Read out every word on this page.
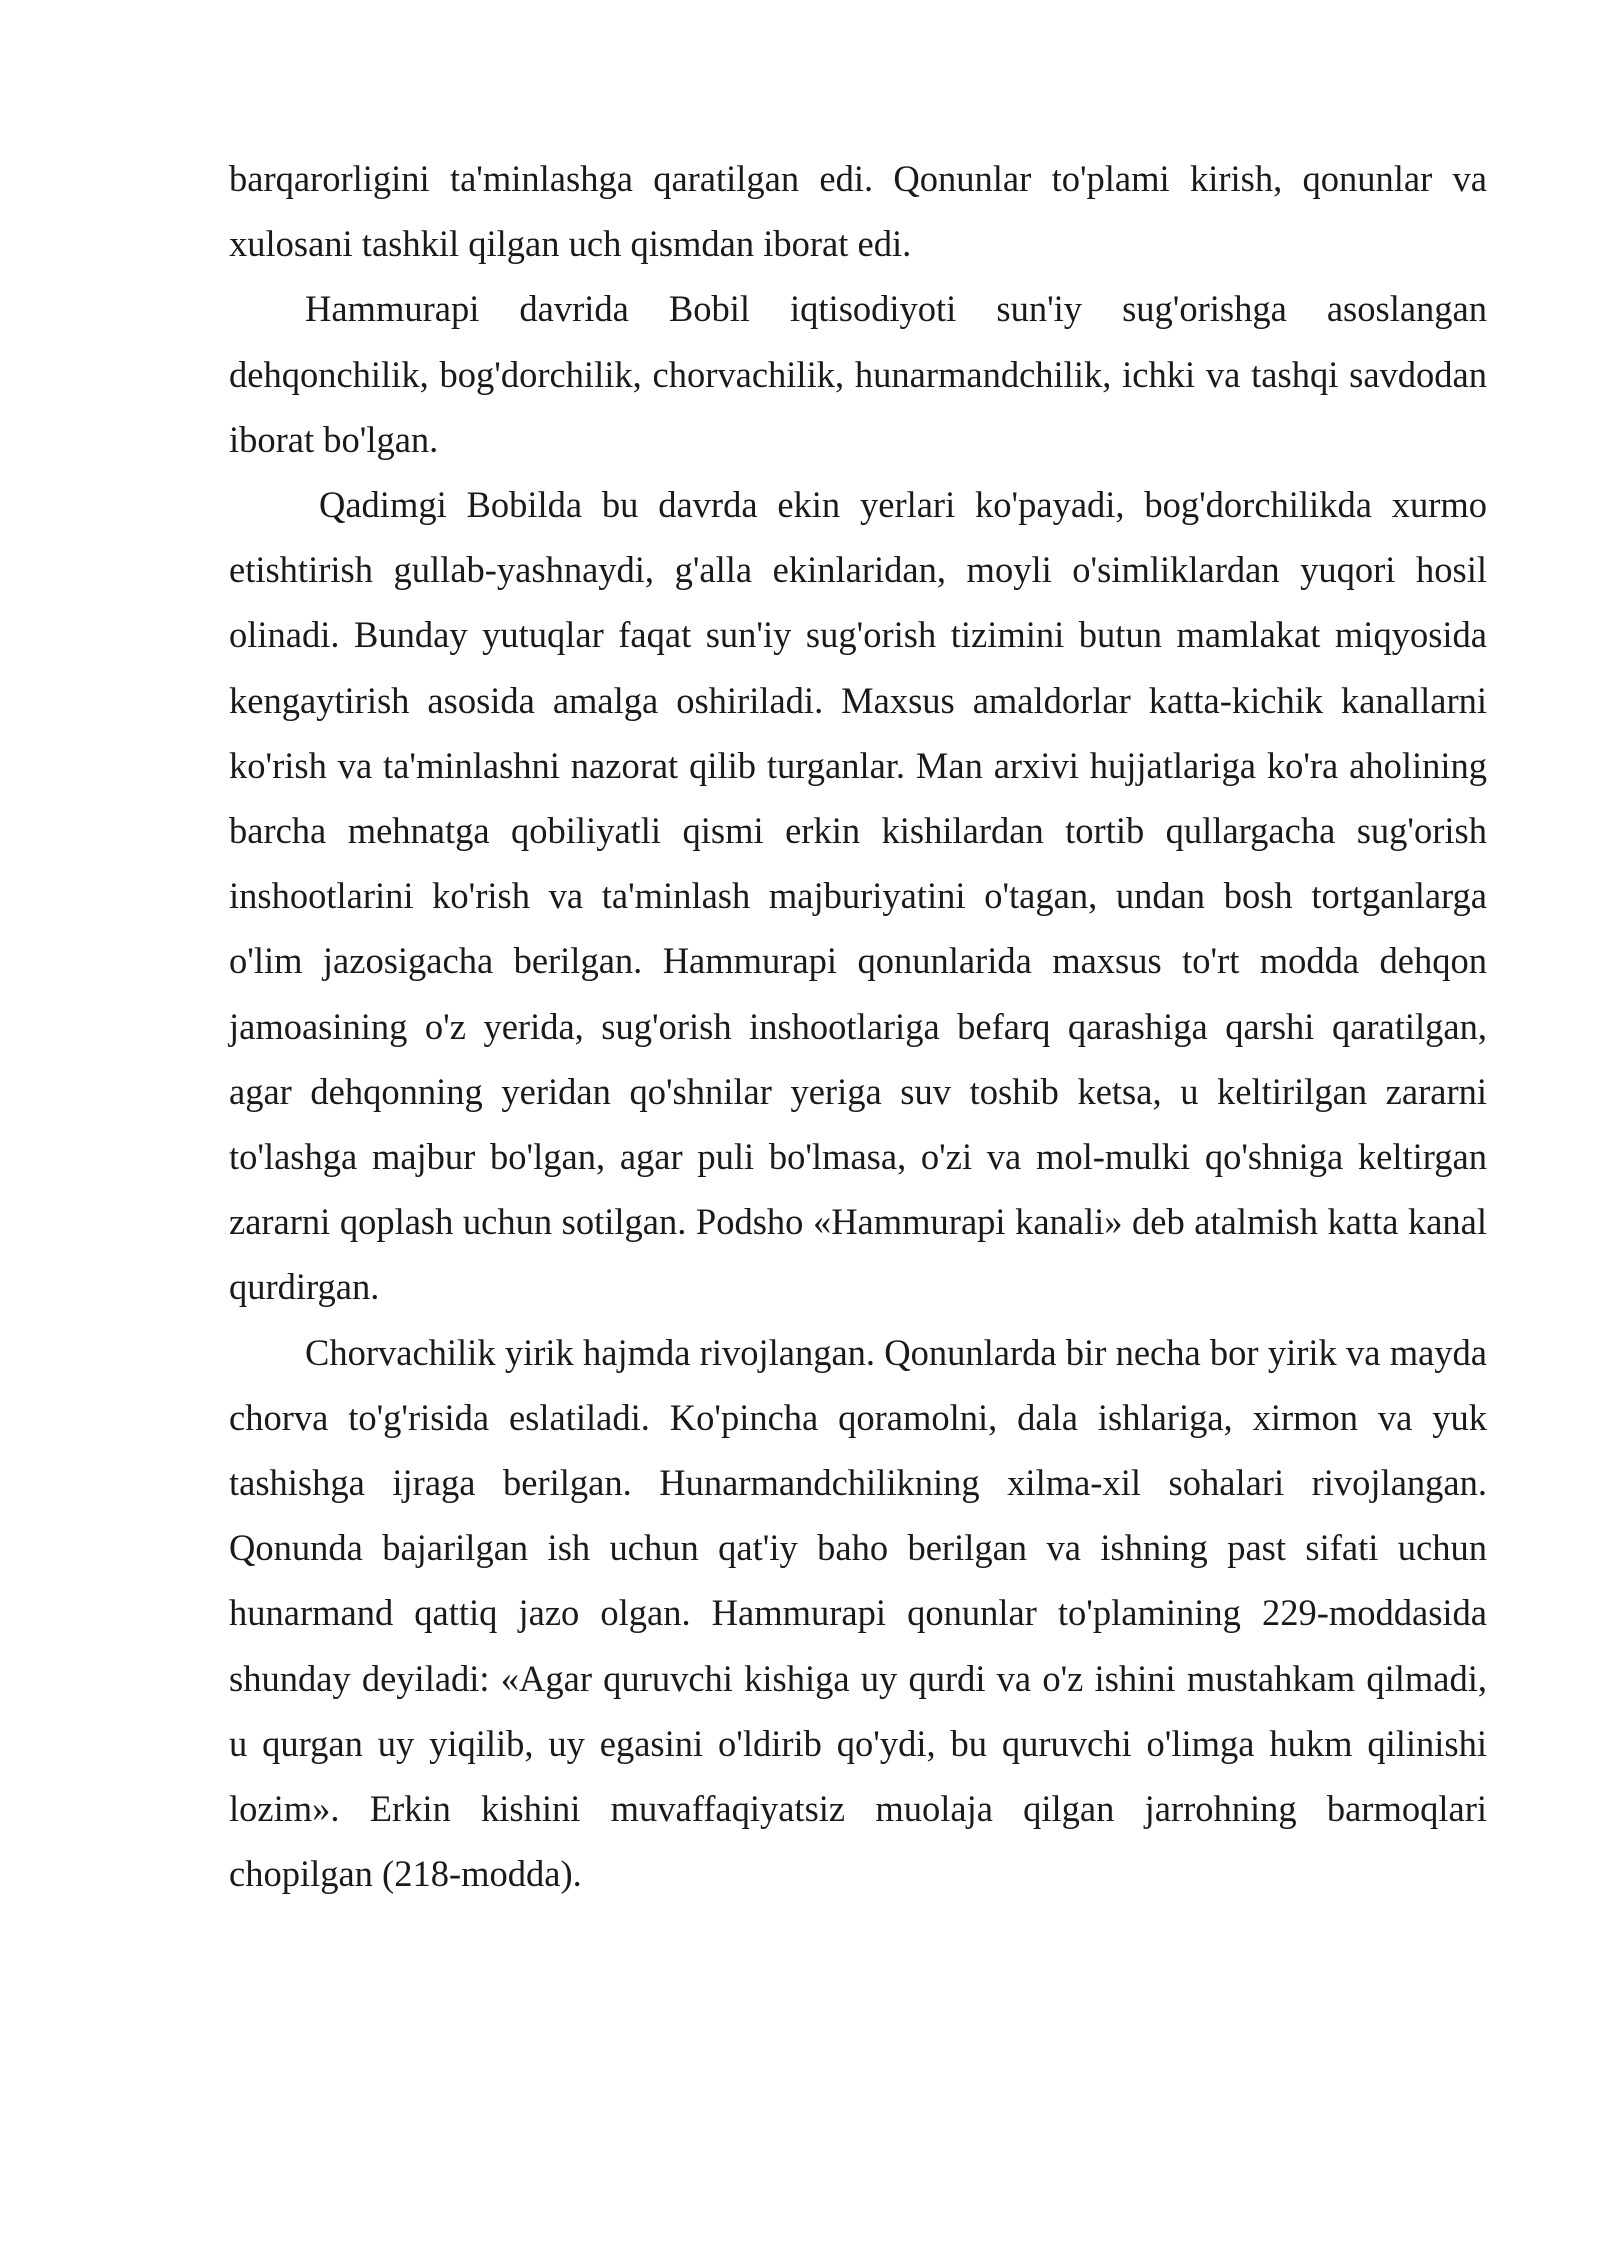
barqarorligini ta'minlashga qaratilgan edi. Qonunlar to'plami kirish, qonunlar va xulosani tashkil qilgan uch qismdan iborat edi.

Hammurapi davrida Bobil iqtisodiyoti sun'iy sug'orishga asoslangan dehqonchilik, bog'dorchilik, chorvachilik, hunarmandchilik, ichki va tashqi savdodan iborat bo'lgan.

Qadimgi Bobilda bu davrda ekin yerlari ko'payadi, bog'dorchilikda xurmo etishtirish gullab-yashnaydi, g'alla ekinlaridan, moyli o'simliklardan yuqori hosil olinadi. Bunday yutuqlar faqat sun'iy sug'orish tizimini butun mamlakat miqyosida kengaytirish asosida amalga oshiriladi. Maxsus amaldorlar katta-kichik kanallarni ko'rish va ta'minlashni nazorat qilib turganlar. Man arxivi hujjatlariga ko'ra aholining barcha mehnatga qobiliyatli qismi erkin kishilardan tortib qullargacha sug'orish inshootlarini ko'rish va ta'minlash majburiyatini o'tagan, undan bosh tortganlarga o'lim jazosigacha berilgan. Hammurapi qonunlarida maxsus to'rt modda dehqon jamoasining o'z yerida, sug'orish inshootlariga befarq qarashiga qarshi qaratilgan, agar dehqonning yeridan qo'shnilar yeriga suv toshib ketsa, u keltirilgan zararni to'lashga majbur bo'lgan, agar puli bo'lmasa, o'zi va mol-mulki qo'shniga keltirgan zararni qoplash uchun sotilgan. Podsho «Hammurapi kanali» deb atalmish katta kanal qurdirgan.

Chorvachilik yirik hajmda rivojlangan. Qonunlarda bir necha bor yirik va mayda chorva to'g'risida eslatiladi. Ko'pincha qoramolni, dala ishlariga, xirmon va yuk tashishga ijraga berilgan. Hunarmandchilikning xilma-xil sohalari rivojlangan. Qonunda bajarilgan ish uchun qat'iy baho berilgan va ishning past sifati uchun hunarmand qattiq jazo olgan. Hammurapi qonunlar to'plamining 229-moddasida shunday deyiladi: «Agar quruvchi kishiga uy qurdi va o'z ishini mustahkam qilmadi, u qurgan uy yiqilib, uy egasini o'ldirib qo'ydi, bu quruvchi o'limga hukm qilinishi lozim». Erkin kishini muvaffaqiyatsiz muolaja qilgan jarrohning barmoqlari chopilgan (218-modda).
